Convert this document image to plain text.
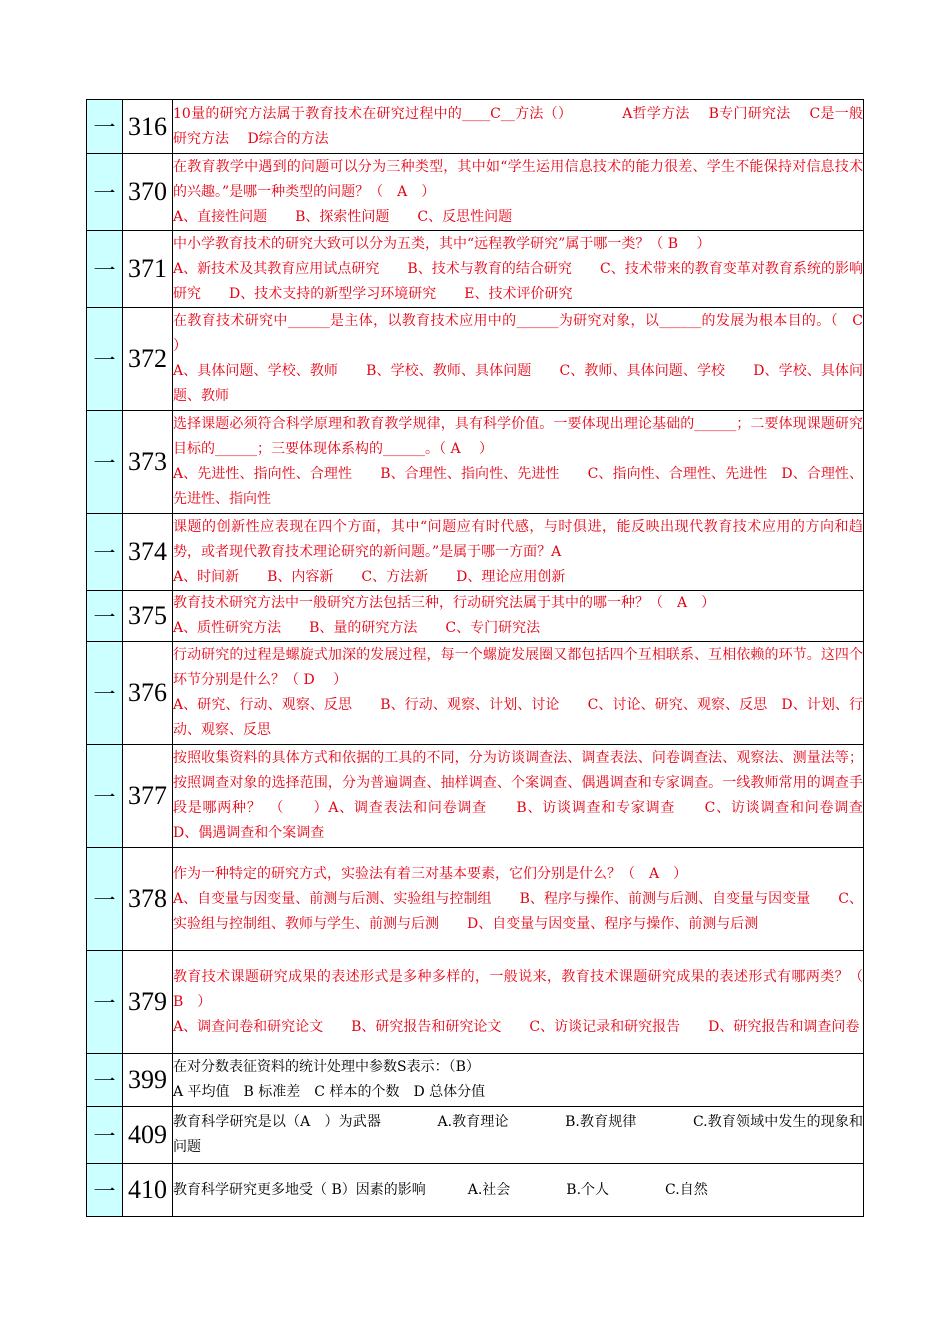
一	316	10量的研究方法属于教育技术在研究过程中的____C__方法（）　　　　A哲学方法　 B专门研究法　 C是一般研究方法　 D综合的方法

一	370	在教育教学中遇到的问题可以分为三种类型，其中如“学生运用信息技术的能力很差、学生不能保持对信息技术的兴趣。”是哪一种类型的问题？（　A　）

A、直接性问题　　B、探索性问题　　C、反思性问题

一	371	中小学教育技术的研究大致可以分为五类，其中“远程教学研究”属于哪一类？（ B　 ）

A、新技术及其教育应用试点研究　　B、技术与教育的结合研究　　C、技术带来的教育变革对教育系统的影响研究　　D、技术支持的新型学习环境研究　　E、技术评价研究

一	372	在教育技术研究中______是主体，以教育技术应用中的______为研究对象，以______的发展为根本目的。（　C　）

A、具体问题、学校、教师　　B、学校、教师、具体问题　　C、教师、具体问题、学校　　D、学校、具体问题、教师

一	373	选择课题必须符合科学原理和教育教学规律，具有科学价值。一要体现出理论基础的______；二要体现课题研究目标的______；三要体现体系构的______。（ A　 ）

A、先进性、指向性、合理性　　B、合理性、指向性、先进性　　C、指向性、合理性、先进性　D、合理性、先进性、指向性

一	374	课题的创新性应表现在四个方面，其中“问题应有时代感，与时俱进，能反映出现代教育技术应用的方向和趋势，或者现代教育技术理论研究的新问题。”是属于哪一方面？A

A、时间新　　B、内容新　　C、方法新　　D、理论应用创新

一	375	教育技术研究方法中一般研究方法包括三种，行动研究法属于其中的哪一种？（　A　）

A、质性研究方法　　B、量的研究方法　　C、专门研究法

一	376	行动研究的过程是螺旋式加深的发展过程，每一个螺旋发展圈又都包括四个互相联系、互相依赖的环节。这四个环节分别是什么？（ D　 ）

A、研究、行动、观察、反思　　B、行动、观察、计划、讨论　　C、讨论、研究、观察、反思　D、计划、行动、观察、反思

一	377	按照收集资料的具体方式和依据的工具的不同，分为访谈调查法、调查表法、问卷调查法、观察法、测量法等；按照调查对象的选择范围，分为普遍调查、抽样调查、个案调查、偶遇调查和专家调查。一线教师常用的调查手段是哪两种？　（　　）A、调查表法和问卷调查　　B、访谈调查和专家调查　　C、访谈调查和问卷调查　　D、偶遇调查和个案调查

一	378	作为一种特定的研究方式，实验法有着三对基本要素，它们分别是什么？（　A　）

A、自变量与因变量、前测与后测、实验组与控制组　　B、程序与操作、前测与后测、自变量与因变量　　C、实验组与控制组、教师与学生、前测与后测　　D、自变量与因变量、程序与操作、前测与后测

一	379	教育技术课题研究成果的表述形式是多种多样的，一般说来，教育技术课题研究成果的表述形式有哪两类？（　B　）

A、调查问卷和研究论文　　B、研究报告和研究论文　　C、访谈记录和研究报告　　D、研究报告和调查问卷

一	399	在对分数表征资料的统计处理中参数S表示：（B）

A 平均值　B 标准差　C 样本的个数　D 总体分值

一	409	教育科学研究是以（A　）为武器　　　　A.教育理论　　　　B.教育规律　　　　C.教育领域中发生的现象和问题

一	410	教育科学研究更多地受（ B）因素的影响　　　A.社会　　　　B.个人　　　　C.自然
